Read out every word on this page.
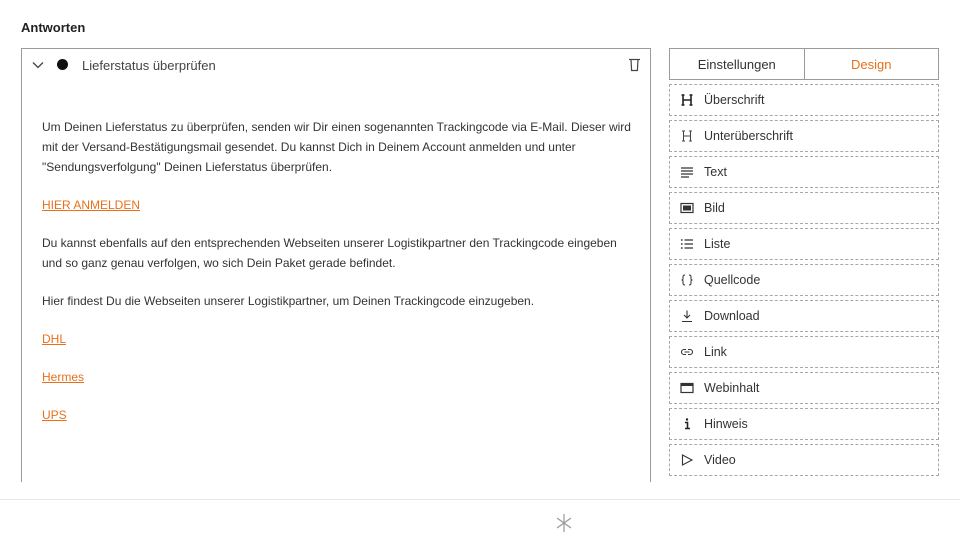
Antworten
Lieferstatus überprüfen

Um Deinen Lieferstatus zu überprüfen, senden wir Dir einen sogenannten Trackingcode via E-Mail. Dieser wird mit der Versand-Bestätigungsmail gesendet. Du kannst Dich in Deinem Account anmelden und unter "Sendungsverfolgung" Deinen Lieferstatus überprüfen.

HIER ANMELDEN

Du kannst ebenfalls auf den entsprechenden Webseiten unserer Logistikpartner den Trackingcode eingeben und so ganz genau verfolgen, wo sich Dein Paket gerade befindet.

Hier findest Du die Webseiten unserer Logistikpartner, um Deinen Trackingcode einzugeben.

DHL

Hermes

UPS

Einstellungen	Design
Überschrift
Unterüberschrift
Text
Bild
Liste
Quellcode
Download
Link
Webinhalt
Hinweis
Video
